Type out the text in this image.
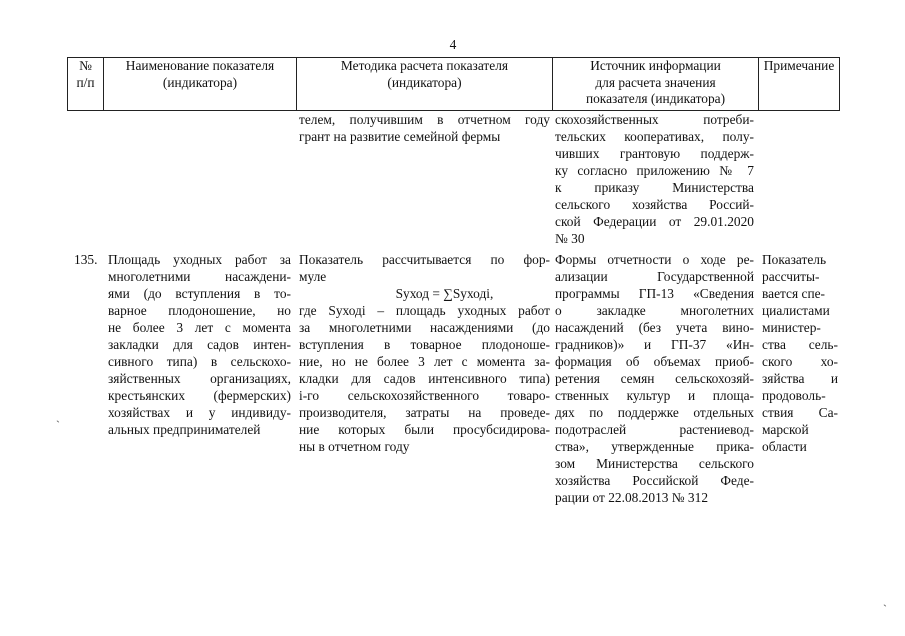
4
№
п/п
Наименование показателя
(индикатора)
Методика расчета показателя
(индикатора)
Источник информации
для расчета значения
показателя (индикатора)
Примечание
телем, получившим в отчетном году
грант на развитие семейной фермы
скохозяйственных потреби-
тельских кооперативах, полу-
чивших грантовую поддерж-
ку согласно приложению № 7
к приказу Министерства
сельского хозяйства Россий-
ской Федерации от 29.01.2020
№ 30
135. Площадь уходных работ за
многолетними насаждени-
ями (до вступления в то-
варное плодоношение, но
не более 3 лет с момента
закладки для садов интен-
сивного типа) в сельскохо-
зяйственных организациях,
крестьянских (фермерских)
хозяйствах и у индивиду-
альных предпринимателей
Показатель рассчитывается по фор-
муле
Sуход = ∑Sуходi,
где Sуходi – площадь уходных работ
за многолетними насаждениями (до
вступления в товарное плодоноше-
ние, но не более 3 лет с момента за-
кладки для садов интенсивного типа)
i-го сельскохозяйственного товаро-
производителя, затраты на проведе-
ние которых были просубсидирова-
ны в отчетном году
Формы отчетности о ходе ре-
ализации Государственной
программы ГП-13 «Сведения
о закладке многолетних
насаждений (без учета вино-
градников)» и ГП-37 «Ин-
формация об объемах приоб-
ретения семян сельскохозяй-
ственных культур и площа-
дях по поддержке отдельных
подотраслей растениевод-
ства», утвержденные прика-
зом Министерства сельского
хозяйства Российской Феде-
рации от 22.08.2013 № 312
Показатель
рассчиты-
вается спе-
циалистами
министер-
ства сель-
ского хо-
зяйства и
продоволь-
ствия Са-
марской
области
ˏ
ˏ
